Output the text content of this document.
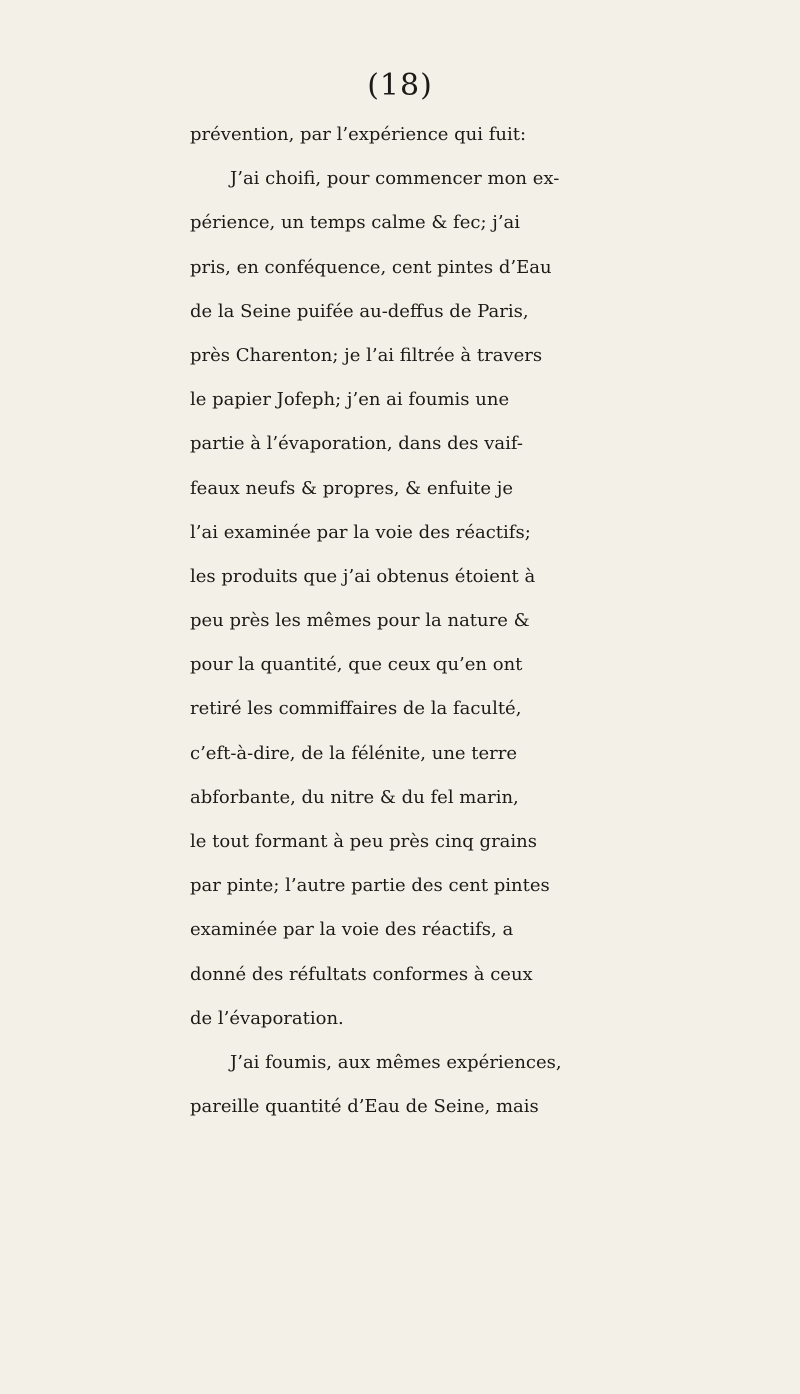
(18)
prévention, par l’expérience qui fuit:
J’ai choifi, pour commencer mon ex-
périence, un temps calme & fec; j’ai
pris, en conféquence, cent pintes d’Eau
de la Seine puifée au-deffus de Paris,
près Charenton; je l’ai filtrée à travers
le papier Jofeph; j’en ai foumis une
partie à l’évaporation, dans des vaif-
feaux neufs & propres, & enfuite je
l’ai examinée par la voie des réactifs;
les produits que j’ai obtenus étoient à
peu près les mêmes pour la nature &
pour la quantité, que ceux qu’en ont
retiré les commiffaires de la faculté,
c’eft-à-dire, de la félénite, une terre
abforbante, du nitre & du fel marin,
le tout formant à peu près cinq grains
par pinte; l’autre partie des cent pintes
examinée par la voie des réactifs, a
donné des réfultats conformes à ceux
de l’évaporation.
J’ai foumis, aux mêmes expériences,
pareille quantité d’Eau de Seine, mais
